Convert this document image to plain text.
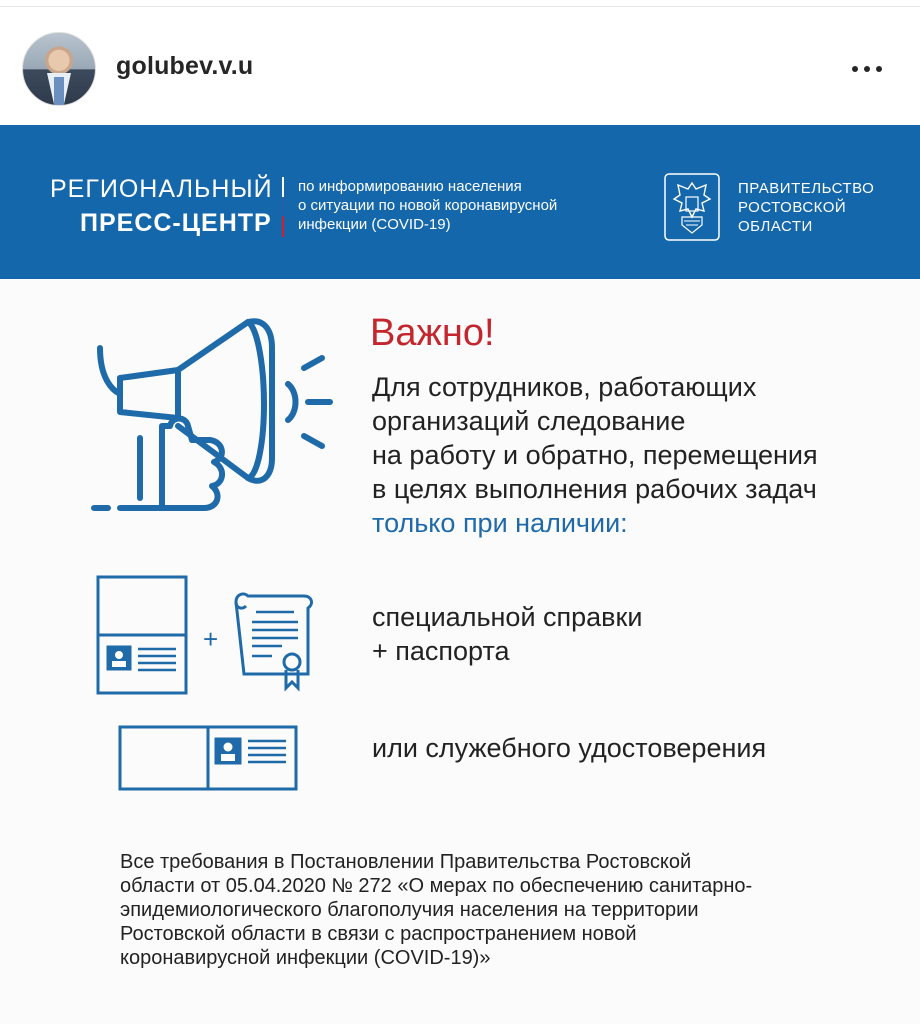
golubev.v.u
РЕГИОНАЛЬНЫЙ
ПРЕСС-ЦЕНТР
по информированию населения
о ситуации по новой коронавирусной
инфекции (COVID-19)
ПРАВИТЕЛЬСТВО
РОСТОВСКОЙ
ОБЛАСТИ
Важно!
Для сотрудников, работающих
организаций следование
на работу и обратно, перемещения
в целях выполнения рабочих задач
только при наличии:
+
специальной справки
+ паспорта
или служебного удостоверения
Все требования в Постановлении Правительства Ростовской
области от 05.04.2020 № 272 «О мерах по обеспечению санитарно-
эпидемиологического благополучия населения на территории
Ростовской области в связи с распространением новой
коронавирусной инфекции (COVID-19)»
